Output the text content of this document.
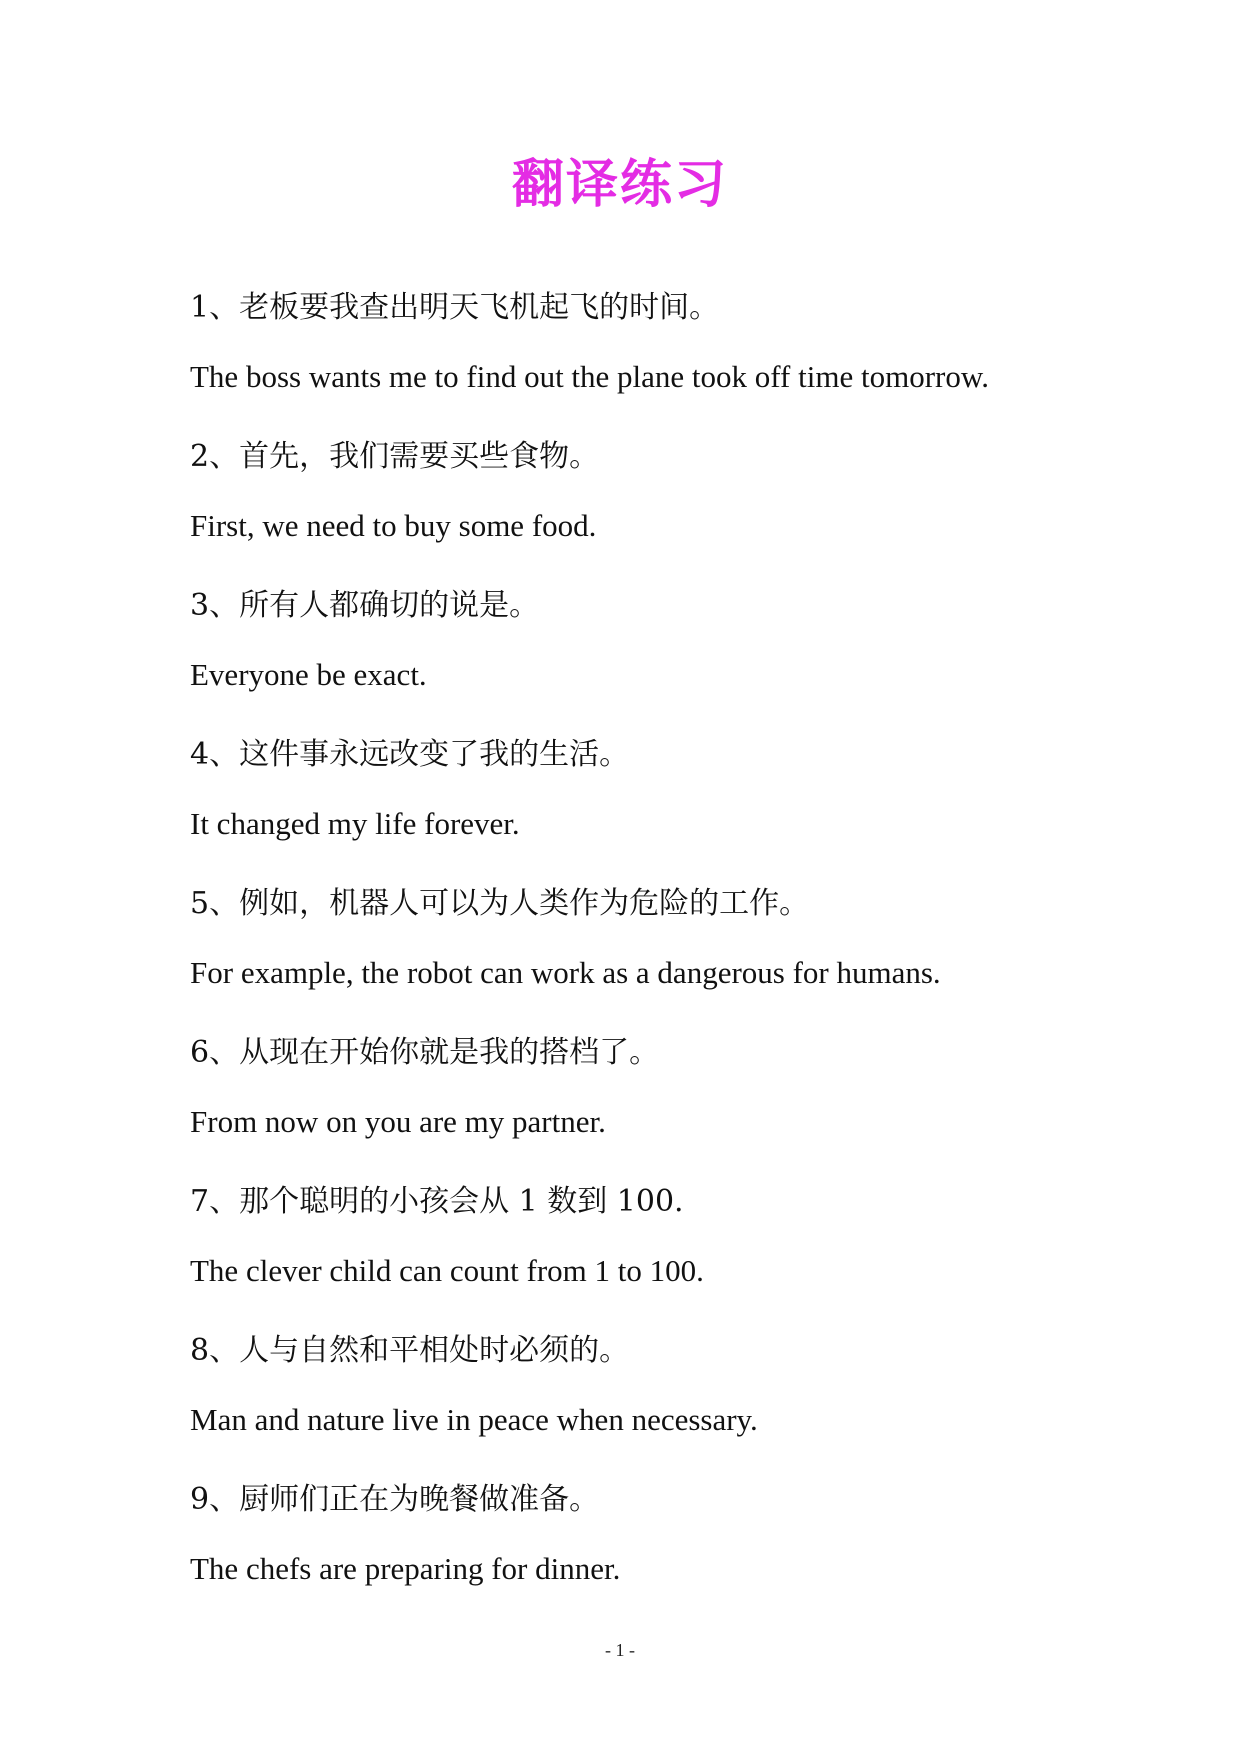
翻译练习
1、老板要我查出明天飞机起飞的时间。
The boss wants me to find out the plane took off time tomorrow.
2、首先，我们需要买些食物。
First, we need to buy some food.
3、所有人都确切的说是。
Everyone be exact.
4、这件事永远改变了我的生活。
It changed my life forever.
5、例如，机器人可以为人类作为危险的工作。
For example, the robot can work as a dangerous for humans.
6、从现在开始你就是我的搭档了。
From now on you are my partner.
7、那个聪明的小孩会从 1 数到 100.
The clever child can count from 1 to 100.
8、人与自然和平相处时必须的。
Man and nature live in peace when necessary.
9、厨师们正在为晚餐做准备。
The chefs are preparing for dinner.
- 1 -
